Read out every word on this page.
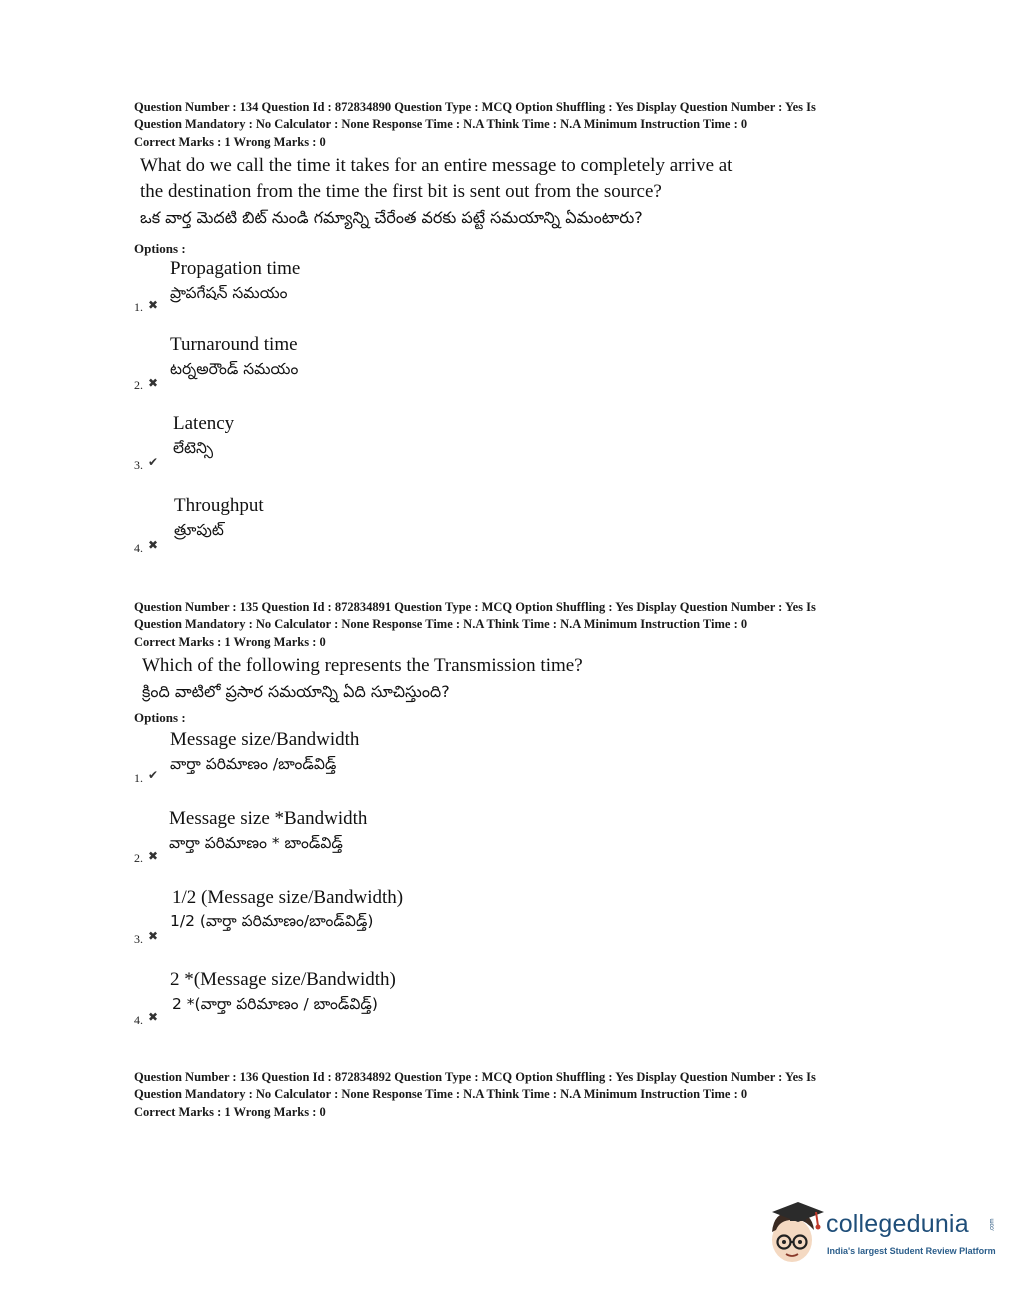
Question Number : 134 Question Id : 872834890 Question Type : MCQ Option Shuffling : Yes Display Question Number : Yes Is
Question Mandatory : No Calculator : None Response Time : N.A Think Time : N.A Minimum Instruction Time : 0
Correct Marks : 1 Wrong Marks : 0
What do we call the time it takes for an entire message to completely arrive at
the destination from the time the first bit is sent out from the source?
ఒక వార్త మెదటి బిట్ నుండి గమ్యాన్ని చేరేంత వరకు పట్టే సమయాన్ని ఏమంటారు?
Options :
1. ✖
Propagation time
ప్రాపగేషన్ సమయం
2. ✖
Turnaround time
టర్నఅరౌండ్ సమయం
3. ✔
Latency
లేటెన్సి
4. ✖
Throughput
త్రూపుట్
Question Number : 135 Question Id : 872834891 Question Type : MCQ Option Shuffling : Yes Display Question Number : Yes Is
Question Mandatory : No Calculator : None Response Time : N.A Think Time : N.A Minimum Instruction Time : 0
Correct Marks : 1 Wrong Marks : 0
Which of the following represents the Transmission time?
క్రింది వాటిలో ప్రసార సమయాన్ని ఏది సూచిస్తుంది?
Options :
1. ✔
Message size/Bandwidth
వార్తా పరిమాణం /బాండ్‌విడ్త్
2. ✖
Message size *Bandwidth
వార్తా పరిమాణం * బాండ్‌విడ్త్
3. ✖
1/2 (Message size/Bandwidth)
1/2 (వార్తా పరిమాణం/బాండ్‌విడ్త్)
4. ✖
2 *(Message size/Bandwidth)
2 *(వార్తా పరిమాణం / బాండ్‌విడ్త్)
Question Number : 136 Question Id : 872834892 Question Type : MCQ Option Shuffling : Yes Display Question Number : Yes Is
Question Mandatory : No Calculator : None Response Time : N.A Think Time : N.A Minimum Instruction Time : 0
Correct Marks : 1 Wrong Marks : 0
collegedunia	.com
India's largest Student Review Platform
